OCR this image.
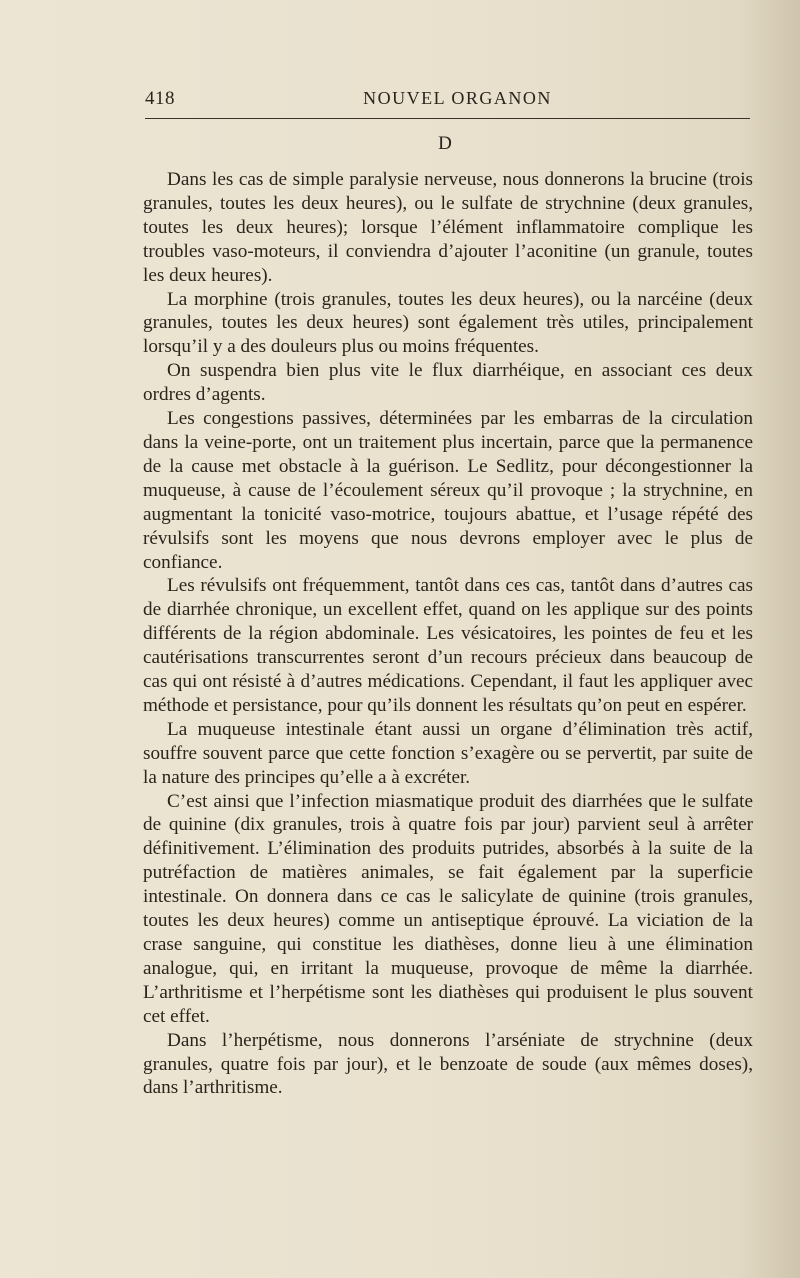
418	NOUVEL ORGANON
D

Dans les cas de simple paralysie nerveuse, nous donnerons la brucine (trois granules, toutes les deux heures), ou le sulfate de strychnine (deux granules, toutes les deux heures); lorsque l’élément inflammatoire complique les troubles vaso-moteurs, il conviendra d’ajouter l’aconitine (un granule, toutes les deux heures).

La morphine (trois granules, toutes les deux heures), ou la narcéine (deux granules, toutes les deux heures) sont également très utiles, principalement lorsqu’il y a des douleurs plus ou moins fréquentes.

On suspendra bien plus vite le flux diarrhéique, en associant ces deux ordres d’agents.

Les congestions passives, déterminées par les embarras de la circulation dans la veine-porte, ont un traitement plus incertain, parce que la permanence de la cause met obstacle à la guérison. Le Sedlitz, pour décongestionner la muqueuse, à cause de l’écoulement séreux qu’il provoque ; la strychnine, en augmentant la tonicité vaso-motrice, toujours abattue, et l’usage répété des révulsifs sont les moyens que nous devrons employer avec le plus de confiance.

Les révulsifs ont fréquemment, tantôt dans ces cas, tantôt dans d’autres cas de diarrhée chronique, un excellent effet, quand on les applique sur des points différents de la région abdominale. Les vésicatoires, les pointes de feu et les cautérisations transcurrentes seront d’un recours précieux dans beaucoup de cas qui ont résisté à d’autres médications. Cependant, il faut les appliquer avec méthode et persistance, pour qu’ils donnent les résultats qu’on peut en espérer.

La muqueuse intestinale étant aussi un organe d’élimination très actif, souffre souvent parce que cette fonction s’exagère ou se pervertit, par suite de la nature des principes qu’elle a à excréter.

C’est ainsi que l’infection miasmatique produit des diarrhées que le sulfate de quinine (dix granules, trois à quatre fois par jour) parvient seul à arrêter définitivement. L’élimination des produits putrides, absorbés à la suite de la putréfaction de matières animales, se fait également par la superficie intestinale. On donnera dans ce cas le salicylate de quinine (trois granules, toutes les deux heures) comme un antiseptique éprouvé. La viciation de la crase sanguine, qui constitue les diathèses, donne lieu à une élimination analogue, qui, en irritant la muqueuse, provoque de même la diarrhée. L’arthritisme et l’herpétisme sont les diathèses qui produisent le plus souvent cet effet.

Dans l’herpétisme, nous donnerons l’arséniate de strychnine (deux granules, quatre fois par jour), et le benzoate de soude (aux mêmes doses), dans l’arthritisme.
